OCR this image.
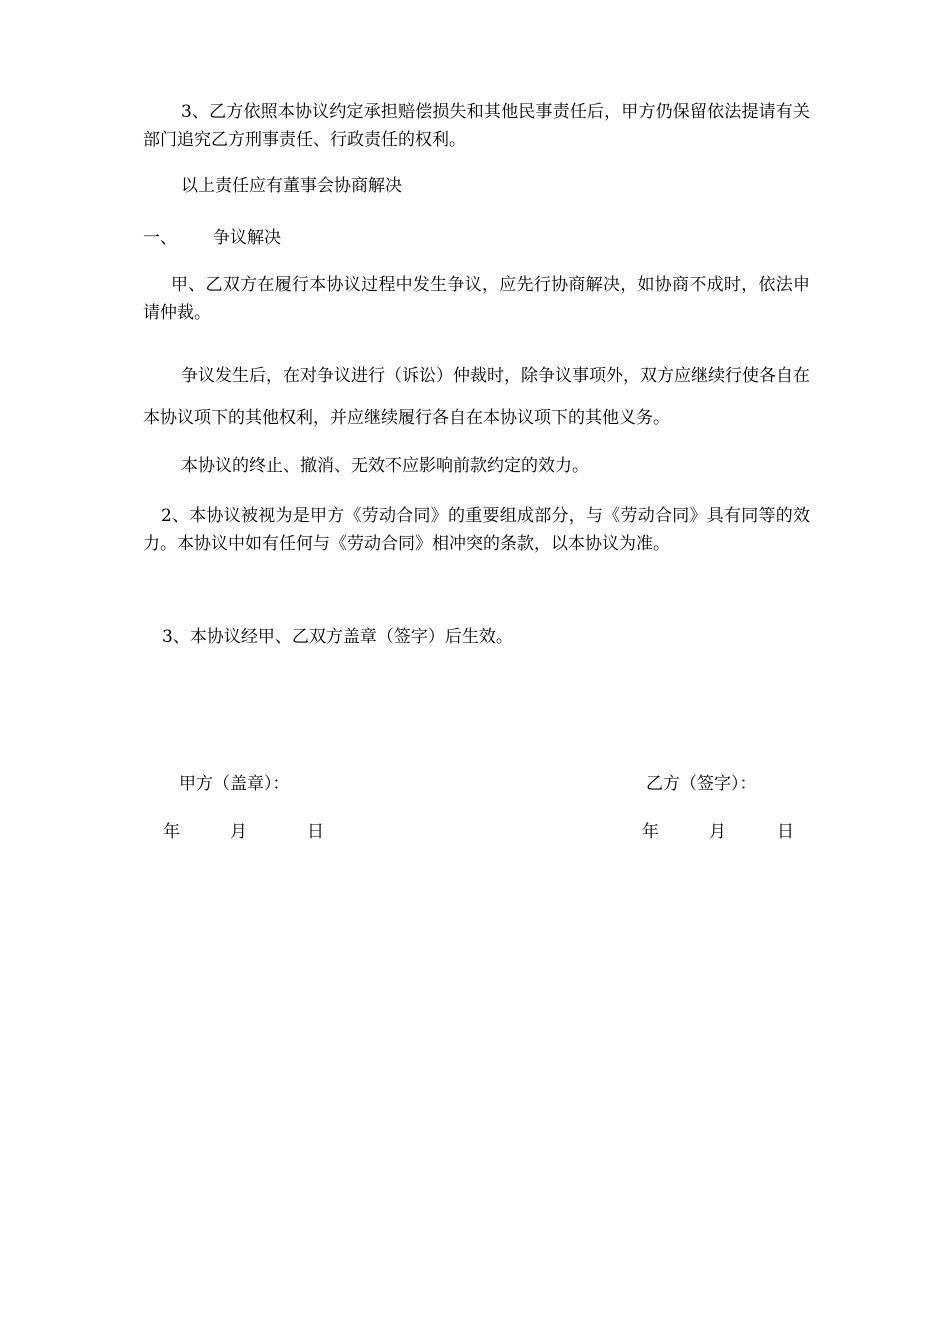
3、乙方依照本协议约定承担赔偿损失和其他民事责任后，甲方仍保留依法提请有关部门追究乙方刑事责任、行政责任的权利。

以上责任应有董事会协商解决

一、 争议解决

甲、乙双方在履行本协议过程中发生争议，应先行协商解决，如协商不成时，依法申请仲裁。

争议发生后，在对争议进行（诉讼）仲裁时，除争议事项外，双方应继续行使各自在本协议项下的其他权利，并应继续履行各自在本协议项下的其他义务。

本协议的终止、撤消、无效不应影响前款约定的效力。

2、本协议被视为是甲方《劳动合同》的重要组成部分，与《劳动合同》具有同等的效力。本协议中如有任何与《劳动合同》相冲突的条款，以本协议为准。

3、本协议经甲、乙双方盖章（签字）后生效。

甲方（盖章）：	乙方（签字）：

年	月	日	年	月	日
